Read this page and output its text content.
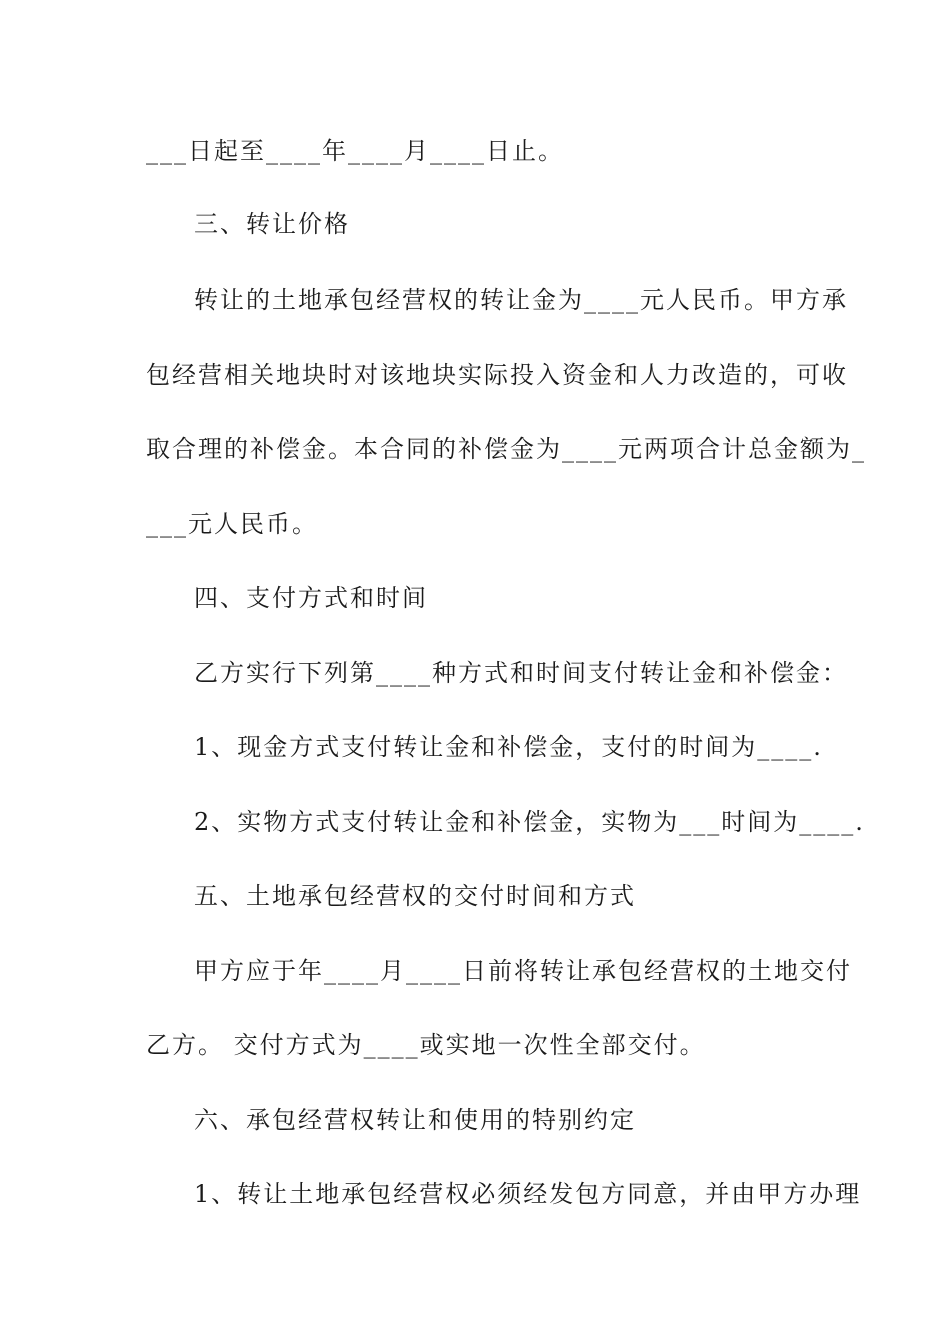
___日起至____年____月____日止。
三、转让价格
转让的土地承包经营权的转让金为____元人民币。甲方承
包经营相关地块时对该地块实际投入资金和人力改造的，可收
取合理的补偿金。本合同的补偿金为____元两项合计总金额为_
___元人民币。
四、支付方式和时间
乙方实行下列第____种方式和时间支付转让金和补偿金：
1、现金方式支付转让金和补偿金，支付的时间为____.
2、实物方式支付转让金和补偿金，实物为___时间为____.
五、土地承包经营权的交付时间和方式
甲方应于年____月____日前将转让承包经营权的土地交付
乙方。 交付方式为____或实地一次性全部交付。
六、承包经营权转让和使用的特别约定
1、转让土地承包经营权必须经发包方同意，并由甲方办理
